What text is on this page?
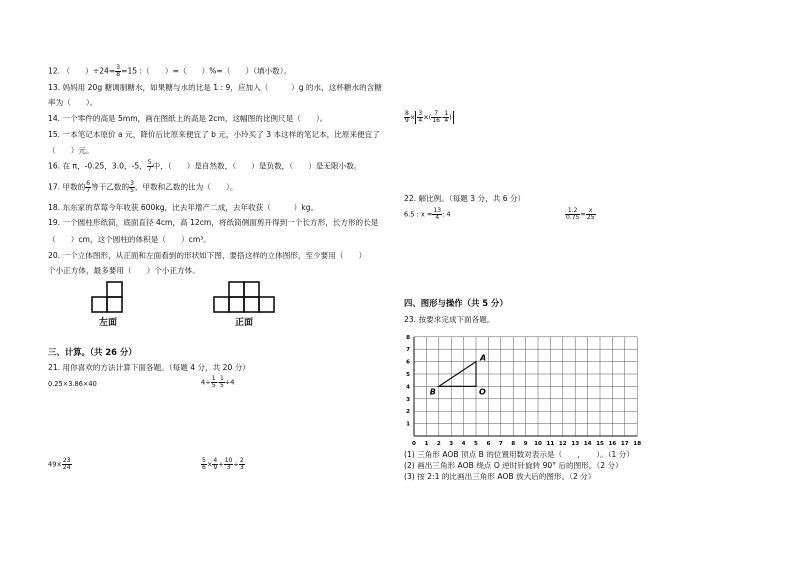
12. （　　）$\div 24= \frac{3}{8} =15$ :（　　）=（　　）%=（　　）（填小数）。
13. 妈妈用 20g 糖调制糖水，如果糖与水的比是 1 : 9，应加入（　　　）g 的水，这杯糖水的含糖
率为（　　）。
14. 一个零件的高是 5mm，画在图纸上的高是 2cm，这幅图的比例尺是（　　）。
15. 一本笔记本原价 a 元，降价后比原来便宜了 b 元，小玲买了 3 本这样的笔记本，比原来便宜了
（　　）元。
16. 在 π，-0.25，3.0，-5， $\frac{5}{7}$ 中，（　　）是自然数，（　　）是负数，（　　）是无限小数。
17. 甲数的 $\frac{6}{7}$ 等于乙数的 $\frac{3}{5}$ ，甲数和乙数的比为（　　）。
18. 东东家的草莓今年收获 600kg，比去年增产二成，去年收获（　　　）kg。
19. 一个圆柱形纸筒，底面直径 4cm，高 12cm，将纸筒侧面剪开得到一个长方形，长方形的长是
（　　）cm，这个圆柱的体积是（　　）cm³。
20. 一个立体图形，从正面和左面看到的形状如下图，要搭这样的立体图形，至少要用（　　）
个小正方体，最多要用（　　）个小正方体。
左面	正面
三、计算。（共 26 分）
21. 用你喜欢的方法计算下面各题。（每题 4 分，共 20 分）
0.25×3.86×40	$4\div \frac{1}{5} - \frac{1}{5} \div 4$
$49\times \frac{23}{24}$	$\frac{5}{6} \times \frac{4}{9} + \frac{10}{3} \div \frac{2}{3}$
$\frac{8}{9} \times \frac{3}{4}$ ×( $\frac{7}{16} - \frac{1}{4}$ )
22. 解比例。（每题 3 分，共 6 分）
6.5 : $x = \frac{13}{4}$ : 4	$\frac{1.2}{0.75} = \frac{x}{25}$
四、图形与操作（共 5 分）
23. 按要求完成下面各题。
0 1 2 3 4 5 6 7 8 9 10 11 12 13 14 15 16 17 18
1
2
3
4
5
6
7
8
A
O
B
(1) 三角形 AOB 顶点 B 的位置用数对表示是（　　，　　）。（1 分）
(2) 画出三角形 AOB 绕点 O 逆时针旋转 90° 后的图形。（2 分）
(3) 按 2:1 的比画出三角形 AOB 放大后的图形。（2 分）
